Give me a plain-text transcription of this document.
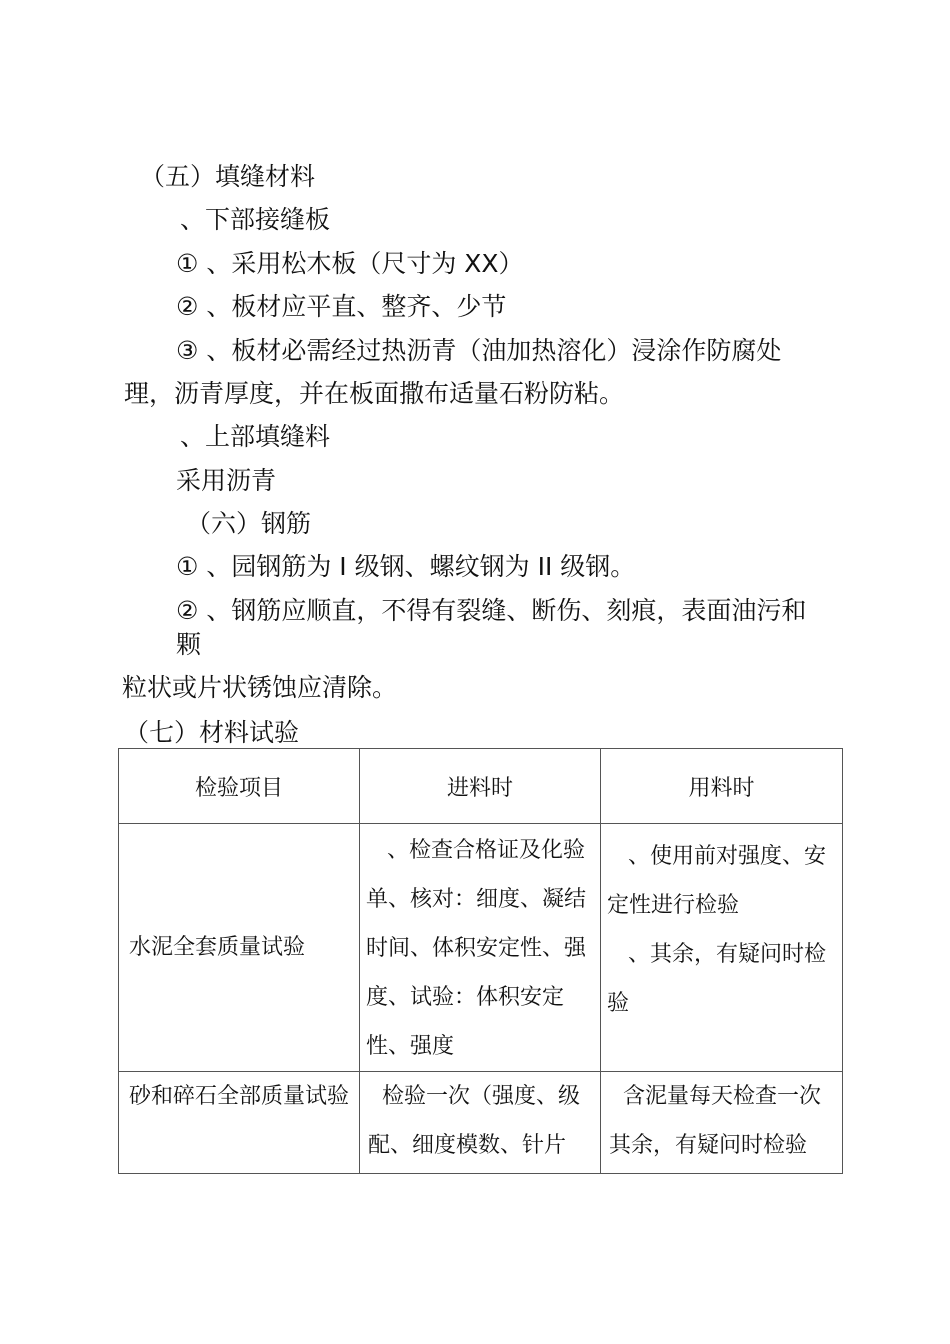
（五）填缝材料
、下部接缝板
① 、采用松木板（尺寸为 XX）
② 、板材应平直、整齐、少节
③ 、板材必需经过热沥青（油加热溶化）浸涂作防腐处
理，沥青厚度，并在板面撒布适量石粉防粘。
、上部填缝料
采用沥青
（六）钢筋
① 、园钢筋为 I 级钢、螺纹钢为 II 级钢。
② 、钢筋应顺直，不得有裂缝、断伤、刻痕，表面油污和
颗
粒状或片状锈蚀应清除。
（七）材料试验
检验项目	进料时	用料时

水泥全套质量试验	、检查合格证及化验单、核对：细度、凝结时间、体积安定性、强度、试验：体积安定性、强度	、使用前对强度、安定性进行检验
、其余，有疑问时检验

砂和碎石全部质量试验	检验一次（强度、级配、细度模数、针片	含泥量每天检查一次其余，有疑问时检验
